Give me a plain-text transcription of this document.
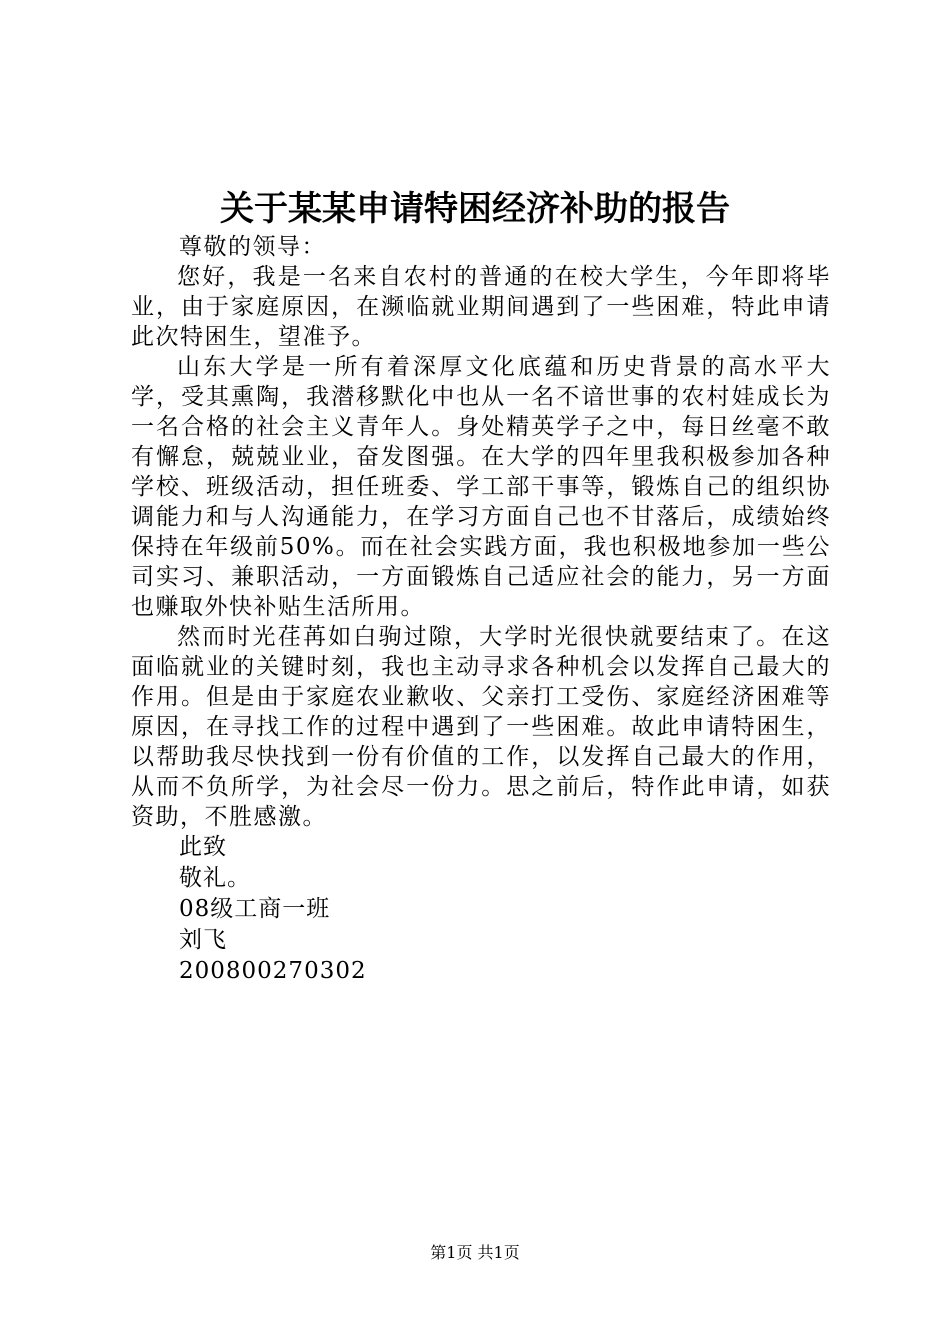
关于某某申请特困经济补助的报告

尊敬的领导：

您好，我是一名来自农村的普通的在校大学生，今年即将毕业，由于家庭原因，在濒临就业期间遇到了一些困难，特此申请此次特困生，望准予。

山东大学是一所有着深厚文化底蕴和历史背景的高水平大学，受其熏陶，我潜移默化中也从一名不谙世事的农村娃成长为一名合格的社会主义青年人。身处精英学子之中，每日丝毫不敢有懈怠，兢兢业业，奋发图强。在大学的四年里我积极参加各种学校、班级活动，担任班委、学工部干事等，锻炼自己的组织协调能力和与人沟通能力，在学习方面自己也不甘落后，成绩始终保持在年级前50%。而在社会实践方面，我也积极地参加一些公司实习、兼职活动，一方面锻炼自己适应社会的能力，另一方面也赚取外快补贴生活所用。

然而时光荏苒如白驹过隙，大学时光很快就要结束了。在这面临就业的关键时刻，我也主动寻求各种机会以发挥自己最大的作用。但是由于家庭农业歉收、父亲打工受伤、家庭经济困难等原因，在寻找工作的过程中遇到了一些困难。故此申请特困生，以帮助我尽快找到一份有价值的工作，以发挥自己最大的作用，从而不负所学，为社会尽一份力。思之前后，特作此申请，如获资助，不胜感激。

此致

敬礼。

08级工商一班

刘飞

200800270302

第1页 共1页
